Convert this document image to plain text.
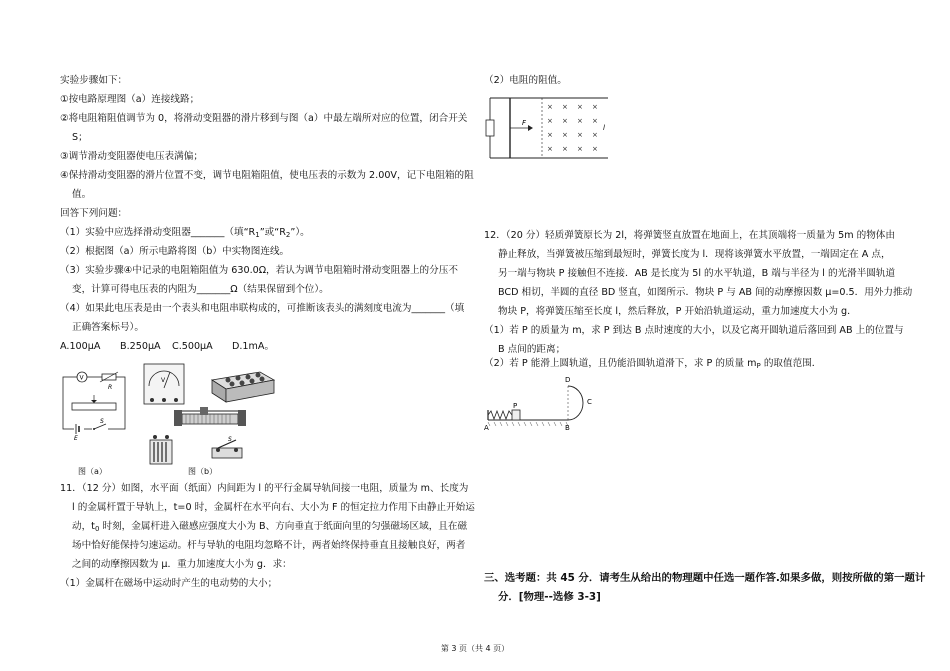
实验步骤如下：
①按电路原理图（a）连接线路；
②将电阻箱阻值调节为 0，将滑动变阻器的滑片移到与图（a）中最左端所对应的位置，闭合开关
S；
③调节滑动变阻器使电压表满偏；
④保持滑动变阻器的滑片位置不变，调节电阻箱阻值，使电压表的示数为 2.00V，记下电阻箱的阻
值。
回答下列问题：
（1）实验中应选择滑动变阻器_______（填“$R_1$”或“$R_2$”）。
（2）根据图（a）所示电路将图（b）中实物图连线。
（3）实验步骤④中记录的电阻箱阻值为 630.0Ω，若认为调节电阻箱时滑动变阻器上的分压不
变，计算可得电压表的内阻为_______Ω（结果保留到个位）。
（4）如果此电压表是由一个表头和电阻串联构成的，可推断该表头的满刻度电流为_______（填
正确答案标号）。
A.100μA B.250μA C.500μA D.1mA。
V
R
E
S
图（a）
V
S
图（b）
11．（12 分）如图，水平面（纸面）内间距为 l 的平行金属导轨间接一电阻，质量为 m、长度为
l 的金属杆置于导轨上，t=0 时，金属杆在水平向右、大小为 F 的恒定拉力作用下由静止开始运
动，$t_0$ 时刻，金属杆进入磁感应强度大小为 B、方向垂直于纸面向里的匀强磁场区域，且在磁
场中恰好能保持匀速运动。杆与导轨的电阻均忽略不计，两者始终保持垂直且接触良好，两者
之间的动摩擦因数为 μ．重力加速度大小为 g．求：
（1）金属杆在磁场中运动时产生的电动势的大小；
（2）电阻的阻值。
F
× × × ×
× × × ×
× × × ×
× × × ×
l
12．（20 分）轻质弹簧原长为 2l，将弹簧竖直放置在地面上，在其顶端将一质量为 5m 的物体由
静止释放，当弹簧被压缩到最短时，弹簧长度为 l．现将该弹簧水平放置，一端固定在 A 点，
另一端与物块 P 接触但不连接．AB 是长度为 5l 的水平轨道，B 端与半径为 l 的光滑半圆轨道
BCD 相切，半圆的直径 BD 竖直，如图所示．物块 P 与 AB 间的动摩擦因数 μ=0.5．用外力推动
物块 P，将弹簧压缩至长度 l，然后释放，P 开始沿轨道运动，重力加速度大小为 g．
（1）若 P 的质量为 m，求 P 到达 B 点时速度的大小，以及它离开圆轨道后落回到 AB 上的位置与
B 点间的距离；
（2）若 P 能滑上圆轨道，且仍能沿圆轨道滑下，求 P 的质量 $m_P$ 的取值范围．
P
A	B
C
D
三、选考题：共 45 分．请考生从给出的物理题中任选一题作答.如果多做，则按所做的第一题计
分．[物理--选修 3-3]
第 3 页（共 4 页）
